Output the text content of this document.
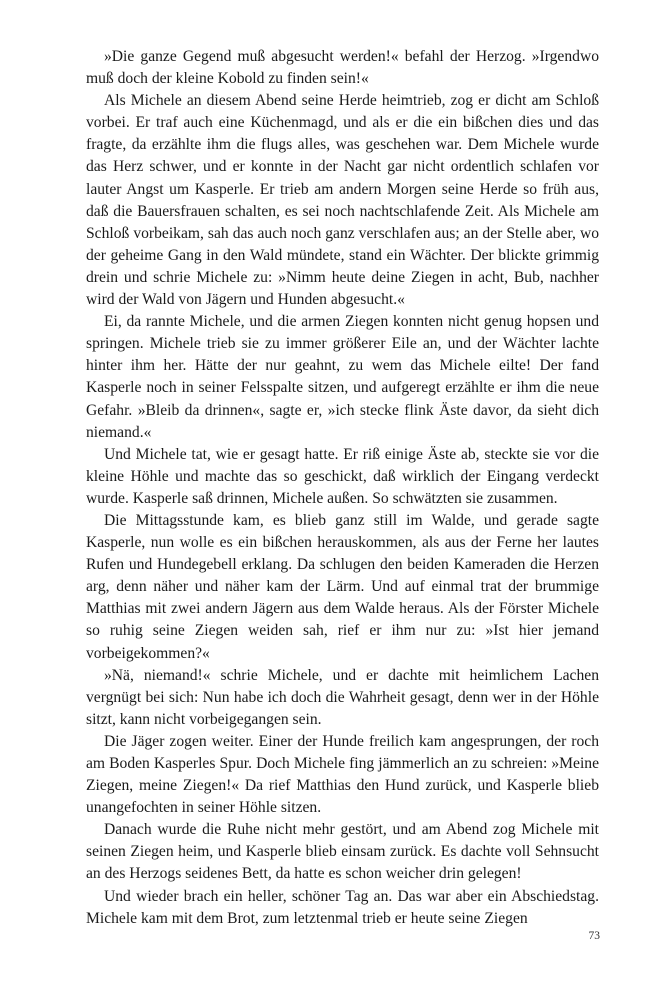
»Die ganze Gegend muß abgesucht werden!« befahl der Herzog. »Irgendwo muß doch der kleine Kobold zu finden sein!«

Als Michele an diesem Abend seine Herde heimtrieb, zog er dicht am Schloß vorbei. Er traf auch eine Küchenmagd, und als er die ein bißchen dies und das fragte, da erzählte ihm die flugs alles, was geschehen war. Dem Michele wurde das Herz schwer, und er konnte in der Nacht gar nicht ordentlich schlafen vor lauter Angst um Kasperle. Er trieb am andern Morgen seine Herde so früh aus, daß die Bauersfrauen schalten, es sei noch nachtschlafende Zeit. Als Michele am Schloß vorbeikam, sah das auch noch ganz verschlafen aus; an der Stelle aber, wo der geheime Gang in den Wald mündete, stand ein Wächter. Der blickte grimmig drein und schrie Michele zu: »Nimm heute deine Ziegen in acht, Bub, nachher wird der Wald von Jägern und Hunden abgesucht.«

Ei, da rannte Michele, und die armen Ziegen konnten nicht genug hopsen und springen. Michele trieb sie zu immer größerer Eile an, und der Wächter lachte hinter ihm her. Hätte der nur geahnt, zu wem das Michele eilte! Der fand Kasperle noch in seiner Felsspalte sitzen, und aufgeregt erzählte er ihm die neue Gefahr. »Bleib da drinnen«, sagte er, »ich stecke flink Äste davor, da sieht dich niemand.«

Und Michele tat, wie er gesagt hatte. Er riß einige Äste ab, steckte sie vor die kleine Höhle und machte das so geschickt, daß wirklich der Eingang verdeckt wurde. Kasperle saß drinnen, Michele außen. So schwätzten sie zusammen.

Die Mittagsstunde kam, es blieb ganz still im Walde, und gerade sagte Kasperle, nun wolle es ein bißchen herauskommen, als aus der Ferne her lautes Rufen und Hundegebell erklang. Da schlugen den beiden Kameraden die Herzen arg, denn näher und näher kam der Lärm. Und auf einmal trat der brummige Matthias mit zwei andern Jägern aus dem Walde heraus. Als der Förster Michele so ruhig seine Ziegen weiden sah, rief er ihm nur zu: »Ist hier jemand vorbeigekommen?«

»Nä, niemand!« schrie Michele, und er dachte mit heimlichem Lachen vergnügt bei sich: Nun habe ich doch die Wahrheit gesagt, denn wer in der Höhle sitzt, kann nicht vorbeigegangen sein.

Die Jäger zogen weiter. Einer der Hunde freilich kam angesprungen, der roch am Boden Kasperles Spur. Doch Michele fing jämmerlich an zu schreien: »Meine Ziegen, meine Ziegen!« Da rief Matthias den Hund zurück, und Kasperle blieb unangefochten in seiner Höhle sitzen.

Danach wurde die Ruhe nicht mehr gestört, und am Abend zog Michele mit seinen Ziegen heim, und Kasperle blieb einsam zurück. Es dachte voll Sehnsucht an des Herzogs seidenes Bett, da hatte es schon weicher drin gelegen!

Und wieder brach ein heller, schöner Tag an. Das war aber ein Abschiedstag. Michele kam mit dem Brot, zum letztenmal trieb er heute seine Ziegen

73
